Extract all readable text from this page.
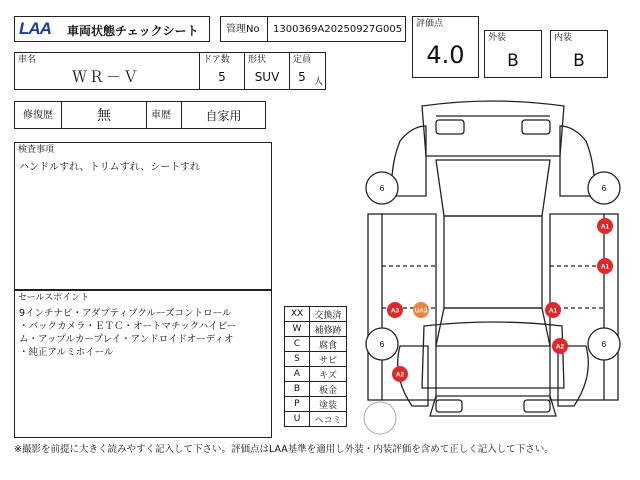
LAA 車両状態チェックシート	管理No 1300369A20250927G005 評価点
4.0
外装
B
内装
B
車名
ＷＲ－Ｖ
ドア数
5
形状
SUV
定員
5 人
修復歴	無	車歴	自家用
検査事項
ハンドルすれ、トリムすれ、シートすれ
セールスポイント
9インチナビ・アダプティブクルーズコントロール
・バックカメラ・ＥＴＣ・オートマチックハイビー
ム・アップルカープレイ・アンドロイドオーディオ
・純正アルミホイール
XX	交換済
W	補修跡
C	腐食
S	サビ
A	キズ
B	板金
P	塗装
U	ヘコミ
6	6
6	6
A1
A1
A3 UA3	A1
A2
A2
※撮影を前提に大きく読みやすく記入して下さい。評価点はLAA基準を適用し外装・内装評価を含めて正しく記入して下さい。
